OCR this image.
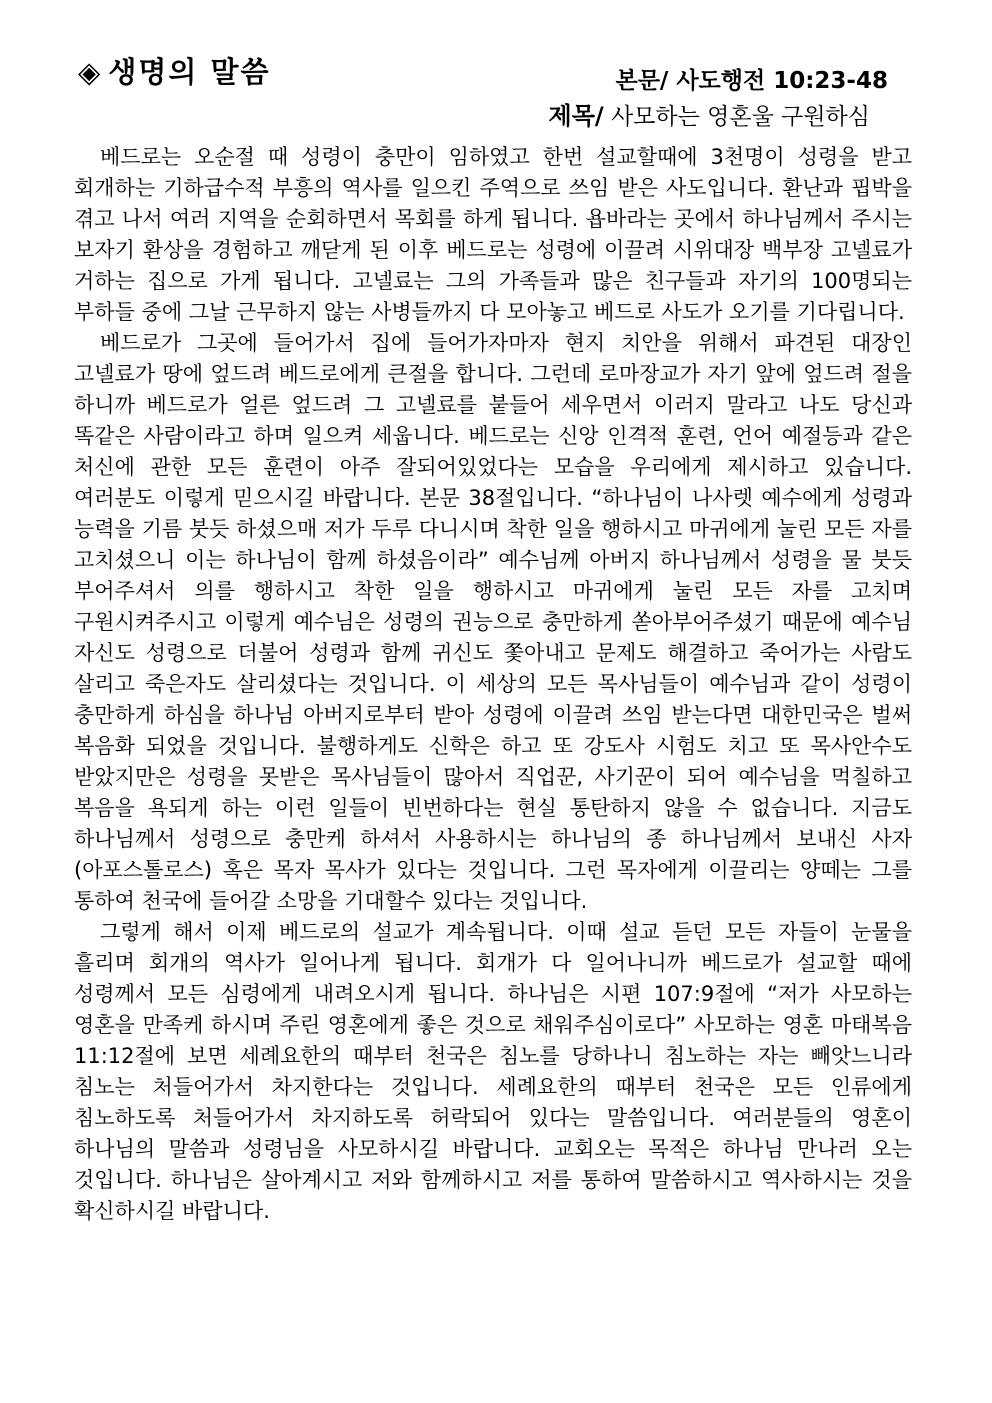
◈ 생명의 말씀	본문/ 사도행전 10:23-48
제목/ 사모하는 영혼울 구원하심

베드로는 오순절 때 성령이 충만이 임하였고 한번 설교할때에 3천명이 성령을 받고 회개하는 기하급수적 부흥의 역사를 일으킨 주역으로 쓰임 받은 사도입니다. 환난과 핍박을 겪고 나서 여러 지역을 순회하면서 목회를 하게 됩니다. 욥바라는 곳에서 하나님께서 주시는 보자기 환상을 경험하고 깨닫게 된 이후 베드로는 성령에 이끌려 시위대장 백부장 고넬료가 거하는 집으로 가게 됩니다. 고넬료는 그의 가족들과 많은 친구들과 자기의 100명되는 부하들 중에 그날 근무하지 않는 사병들까지 다 모아놓고 베드로 사도가 오기를 기다립니다.

베드로가 그곳에 들어가서 집에 들어가자마자 현지 치안을 위해서 파견된 대장인 고넬료가 땅에 엎드려 베드로에게 큰절을 합니다. 그런데 로마장교가 자기 앞에 엎드려 절을 하니까 베드로가 얼른 엎드려 그 고넬료를 붙들어 세우면서 이러지 말라고 나도 당신과 똑같은 사람이라고 하며 일으켜 세웁니다. 베드로는 신앙 인격적 훈련, 언어 예절등과 같은 처신에 관한 모든 훈련이 아주 잘되어있었다는 모습을 우리에게 제시하고 있습니다. 여러분도 이렇게 믿으시길 바랍니다. 본문 38절입니다. “하나님이 나사렛 예수에게 성령과 능력을 기름 붓듯 하셨으매 저가 두루 다니시며 착한 일을 행하시고 마귀에게 눌린 모든 자를 고치셨으니 이는 하나님이 함께 하셨음이라” 예수님께 아버지 하나님께서 성령을 물 붓듯 부어주셔서 의를 행하시고 착한 일을 행하시고 마귀에게 눌린 모든 자를 고치며 구원시켜주시고 이렇게 예수님은 성령의 권능으로 충만하게 쏟아부어주셨기 때문에 예수님 자신도 성령으로 더불어 성령과 함께 귀신도 쫓아내고 문제도 해결하고 죽어가는 사람도 살리고 죽은자도 살리셨다는 것입니다. 이 세상의 모든 목사님들이 예수님과 같이 성령이 충만하게 하심을 하나님 아버지로부터 받아 성령에 이끌려 쓰임 받는다면 대한민국은 벌써 복음화 되었을 것입니다. 불행하게도 신학은 하고 또 강도사 시험도 치고 또 목사안수도 받았지만은 성령을 못받은 목사님들이 많아서 직업꾼, 사기꾼이 되어 예수님을 먹칠하고 복음을 욕되게 하는 이런 일들이 빈번하다는 현실 통탄하지 않을 수 없습니다. 지금도 하나님께서 성령으로 충만케 하셔서 사용하시는 하나님의 종 하나님께서 보내신 사자(아포스톨로스) 혹은 목자 목사가 있다는 것입니다. 그런 목자에게 이끌리는 양떼는 그를 통하여 천국에 들어갈 소망을 기대할수 있다는 것입니다.

그렇게 해서 이제 베드로의 설교가 계속됩니다. 이때 설교 듣던 모든 자들이 눈물을 흘리며 회개의 역사가 일어나게 됩니다. 회개가 다 일어나니까 베드로가 설교할 때에 성령께서 모든 심령에게 내려오시게 됩니다. 하나님은 시편 107:9절에 “저가 사모하는 영혼을 만족케 하시며 주린 영혼에게 좋은 것으로 채워주심이로다” 사모하는 영혼 마태복음 11:12절에 보면 세례요한의 때부터 천국은 침노를 당하나니 침노하는 자는 빼앗느니라 침노는 처들어가서 차지한다는 것입니다. 세례요한의 때부터 천국은 모든 인류에게 침노하도록 처들어가서 차지하도록 허락되어 있다는 말씀입니다. 여러분들의 영혼이 하나님의 말씀과 성령님을 사모하시길 바랍니다. 교회오는 목적은 하나님 만나러 오는 것입니다. 하나님은 살아계시고 저와 함께하시고 저를 통하여 말씀하시고 역사하시는 것을 확신하시길 바랍니다.
